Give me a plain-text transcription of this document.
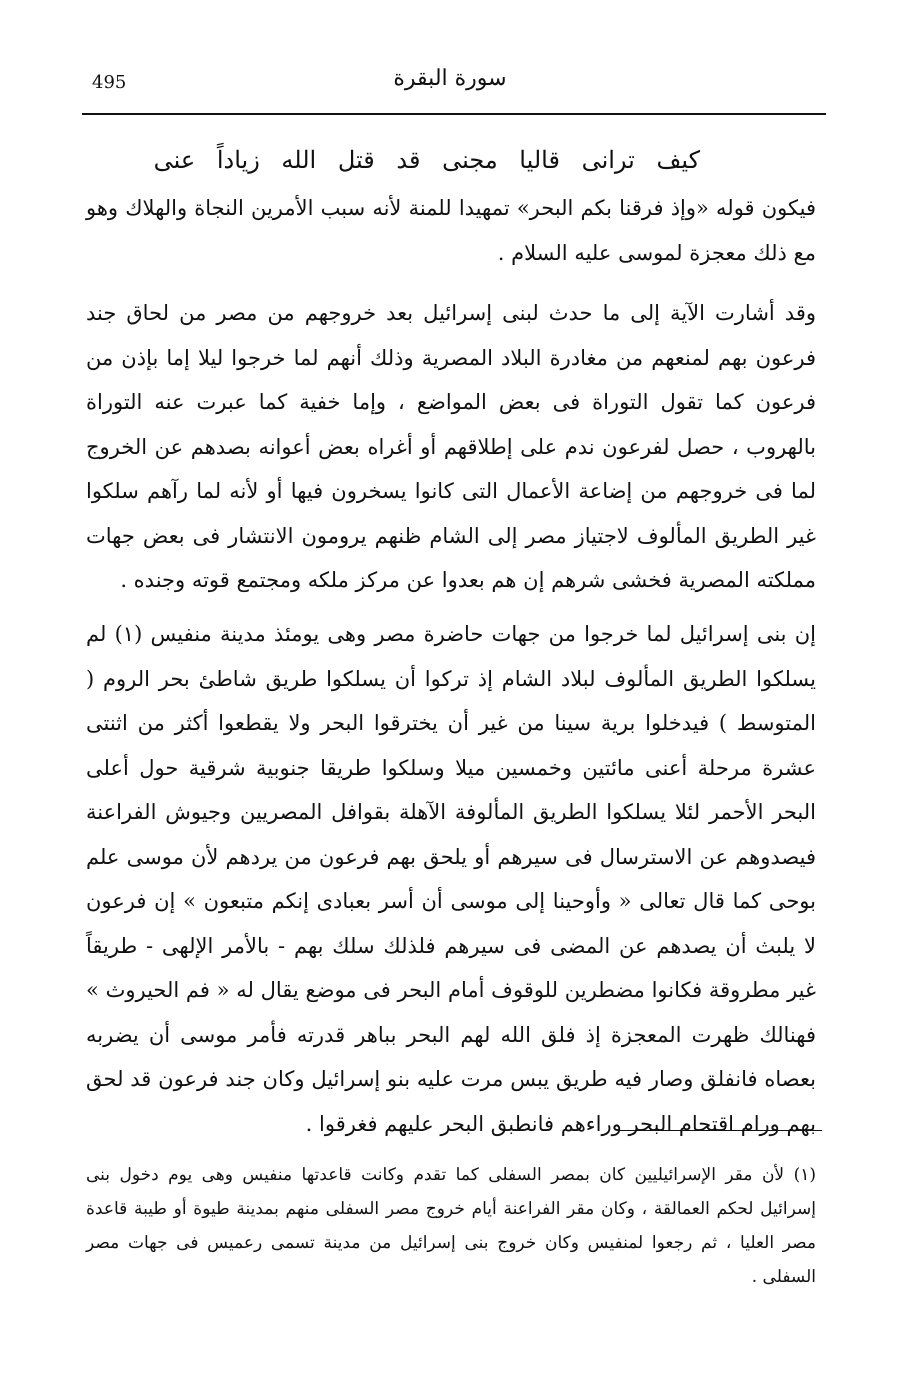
495	سورة البقرة
كيف ترانى قاليا مجنى قد قتل الله زياداً عنى

فيكون قوله «وإذ فرقنا بكم البحر» تمهيدا للمنة لأنه سبب الأمرين النجاة والهلاك وهو مع ذلك معجزة لموسى عليه السلام .

وقد أشارت الآية إلى ما حدث لبنى إسرائيل بعد خروجهم من مصر من لحاق جند فرعون بهم لمنعهم من مغادرة البلاد المصرية وذلك أنهم لما خرجوا ليلا إما بإذن من فرعون كما تقول التوراة فى بعض المواضع ، وإما خفية كما عبرت عنه التوراة بالهروب ، حصل لفرعون ندم على إطلاقهم أو أغراه بعض أعوانه بصدهم عن الخروج لما فى خروجهم من إضاعة الأعمال التى كانوا يسخرون فيها أو لأنه لما رآهم سلكوا غير الطريق المألوف لاجتياز مصر إلى الشام ظنهم يرومون الانتشار فى بعض جهات مملكته المصرية فخشى شرهم إن هم بعدوا عن مركز ملكه ومجتمع قوته وجنده .

إن بنى إسرائيل لما خرجوا من جهات حاضرة مصر وهى يومئذ مدينة منفيس (١) لم يسلكوا الطريق المألوف لبلاد الشام إذ تركوا أن يسلكوا طريق شاطئ بحر الروم ( المتوسط ) فيدخلوا برية سينا من غير أن يخترقوا البحر ولا يقطعوا أكثر من اثنتى عشرة مرحلة أعنى مائتين وخمسين ميلا وسلكوا طريقا جنوبية شرقية حول أعلى البحر الأحمر لئلا يسلكوا الطريق المألوفة الآهلة بقوافل المصريين وجيوش الفراعنة فيصدوهم عن الاسترسال فى سيرهم أو يلحق بهم فرعون من يردهم لأن موسى علم بوحى كما قال تعالى « وأوحينا إلى موسى أن أسر بعبادى إنكم متبعون » إن فرعون لا يلبث أن يصدهم عن المضى فى سيرهم فلذلك سلك بهم - بالأمر الإلهى - طريقاً غير مطروقة فكانوا مضطرين للوقوف أمام البحر فى موضع يقال له « فم الحيروث » فهنالك ظهرت المعجزة إذ فلق الله لهم البحر بباهر قدرته فأمر موسى أن يضربه بعصاه فانفلق وصار فيه طريق يبس مرت عليه بنو إسرائيل وكان جند فرعون قد لحق بهم ورام اقتحام البحر وراءهم فانطبق البحر عليهم فغرقوا .

(١) لأن مقر الإسرائيليين كان بمصر السفلى كما تقدم وكانت قاعدتها منفيس وهى يوم دخول بنى إسرائيل لحكم العمالقة ، وكان مقر الفراعنة أيام خروج مصر السفلى منهم بمدينة طيوة أو طيبة قاعدة مصر العليا ، ثم رجعوا لمنفيس وكان خروج بنى إسرائيل من مدينة تسمى رعميس فى جهات مصر السفلى .
